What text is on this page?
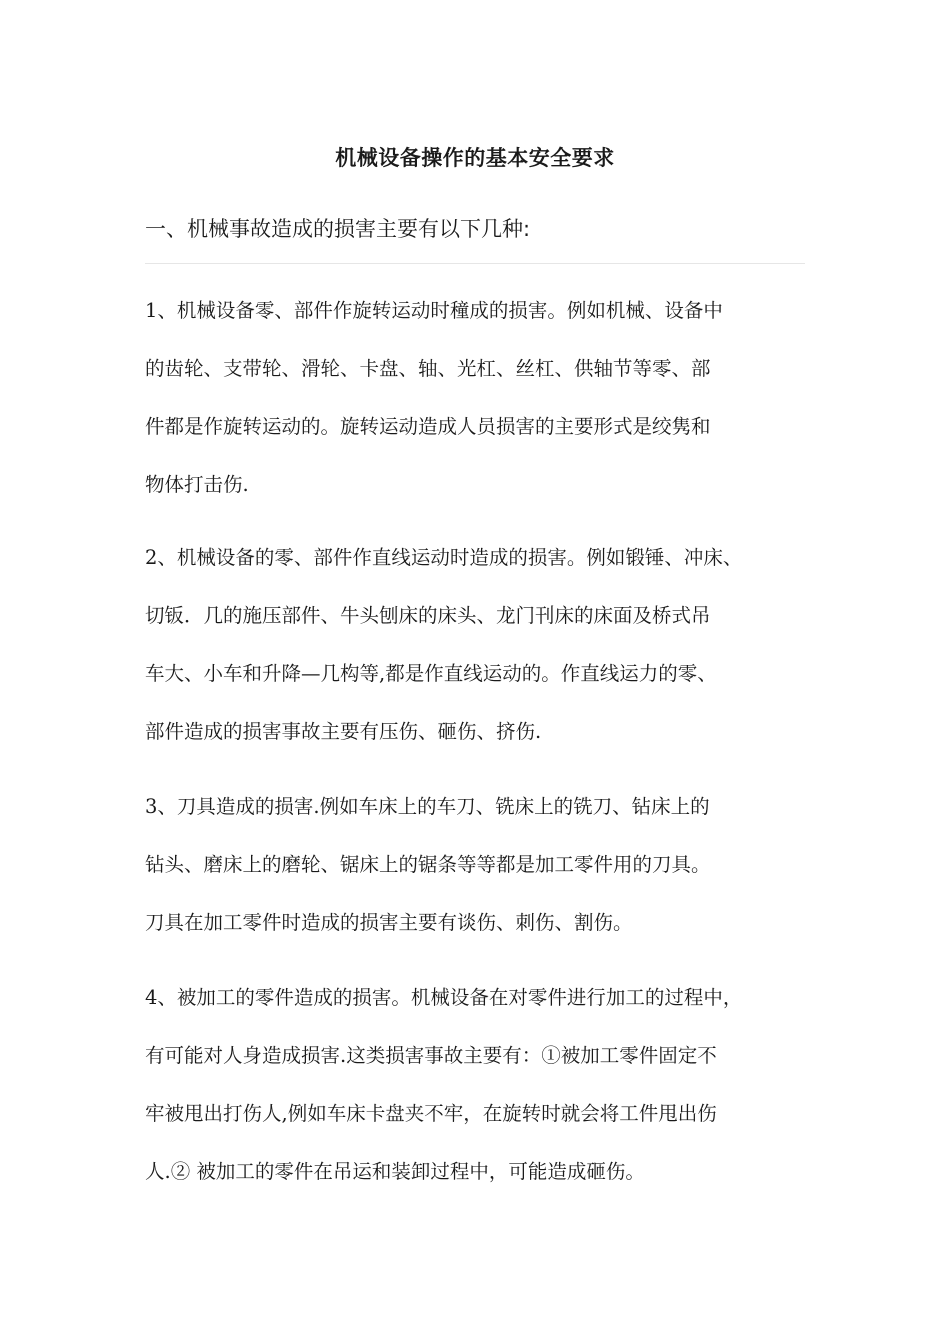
机械设备操作的基本安全要求
一、机械事故造成的损害主要有以下几种:

1、机械设备零、部件作旋转运动时穜成的损害。例如机械、设备中
的齿轮、支带轮、滑轮、卡盘、轴、光杠、丝杠、供轴节等零、部
件都是作旋转运动的。旋转运动造成人员损害的主要形式是绞隽和
物体打击伤.

2、机械设备的零、部件作直线运动时造成的损害。例如锻锤、冲床、
切钣．几的施压部件、牛头刨床的床头、龙门刊床的床面及桥式吊
车大、小车和升降—几构等,都是作直线运动的。作直线运力的零、
部件造成的损害事故主要有压伤、砸伤、挤伤.

3、刀具造成的损害.例如车床上的车刀、铣床上的铣刀、钻床上的
钻头、磨床上的磨轮、锯床上的锯条等等都是加工零件用的刀具。
刀具在加工零件时造成的损害主要有谈伤、刺伤、割伤。

4、被加工的零件造成的损害。机械设备在对零件进行加工的过程中，
有可能对人身造成损害.这类损害事故主要有：①被加工零件固定不
牢被甩出打伤人,例如车床卡盘夹不牢，在旋转时就会将工件甩出伤
人.② 被加工的零件在吊运和装卸过程中，可能造成砸伤。
